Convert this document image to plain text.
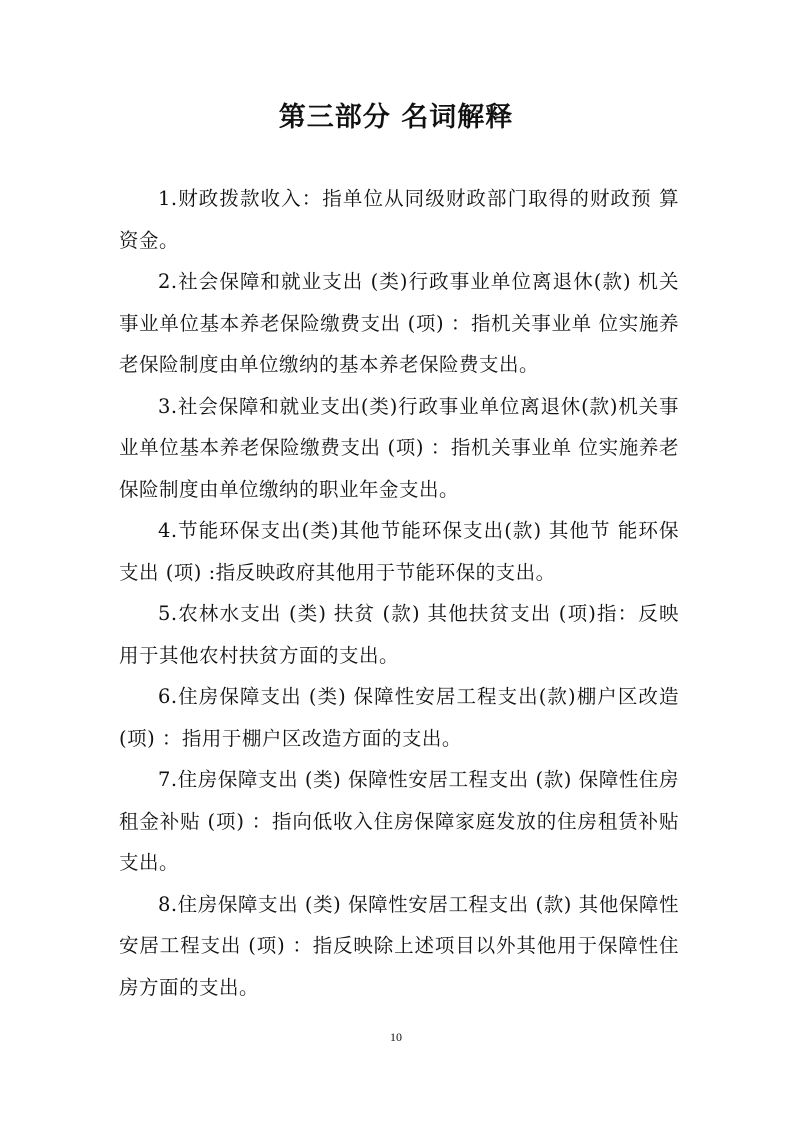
第三部分 名词解释

1.财政拨款收入：指单位从同级财政部门取得的财政预 算资金。

2.社会保障和就业支出 (类)行政事业单位离退休(款) 机关事业单位基本养老保险缴费支出 (项) ：指机关事业单 位实施养老保险制度由单位缴纳的基本养老保险费支出。

3.社会保障和就业支出(类)行政事业单位离退休(款)机关事业单位基本养老保险缴费支出 (项) ：指机关事业单 位实施养老保险制度由单位缴纳的职业年金支出。

4.节能环保支出(类)其他节能环保支出(款) 其他节 能环保支出 (项) :指反映政府其他用于节能环保的支出。

5.农林水支出 (类) 扶贫 (款) 其他扶贫支出 (项)指：反映用于其他农村扶贫方面的支出。

6.住房保障支出 (类) 保障性安居工程支出(款)棚户区改造 (项) ：指用于棚户区改造方面的支出。

7.住房保障支出 (类) 保障性安居工程支出 (款) 保障性住房租金补贴 (项) ：指向低收入住房保障家庭发放的住房租赁补贴支出。

8.住房保障支出 (类) 保障性安居工程支出 (款) 其他保障性安居工程支出 (项) ：指反映除上述项目以外其他用于保障性住房方面的支出。

10
